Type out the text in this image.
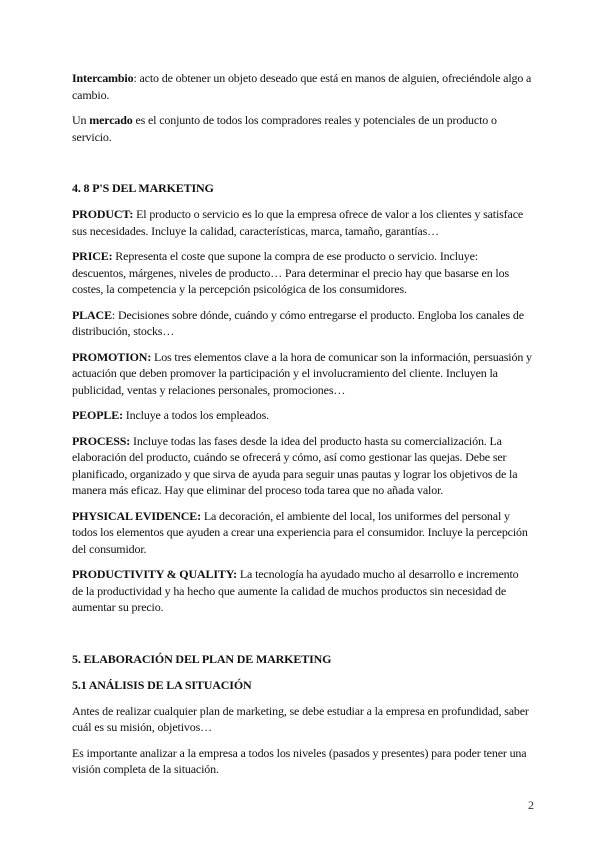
Intercambio: acto de obtener un objeto deseado que está en manos de alguien, ofreciéndole algo a cambio.

Un mercado es el conjunto de todos los compradores reales y potenciales de un producto o servicio.

4. 8 P'S DEL MARKETING

PRODUCT: El producto o servicio es lo que la empresa ofrece de valor a los clientes y satisface sus necesidades. Incluye la calidad, características, marca, tamaño, garantías…

PRICE: Representa el coste que supone la compra de ese producto o servicio. Incluye: descuentos, márgenes, niveles de producto… Para determinar el precio hay que basarse en los costes, la competencia y la percepción psicológica de los consumidores.

PLACE: Decisiones sobre dónde, cuándo y cómo entregarse el producto. Engloba los canales de distribución, stocks…

PROMOTION: Los tres elementos clave a la hora de comunicar son la información, persuasión y actuación que deben promover la participación y el involucramiento del cliente. Incluyen la publicidad, ventas y relaciones personales, promociones…

PEOPLE: Incluye a todos los empleados.

PROCESS: Incluye todas las fases desde la idea del producto hasta su comercialización. La elaboración del producto, cuándo se ofrecerá y cómo, así como gestionar las quejas. Debe ser planificado, organizado y que sirva de ayuda para seguir unas pautas y lograr los objetivos de la manera más eficaz. Hay que eliminar del proceso toda tarea que no añada valor.

PHYSICAL EVIDENCE: La decoración, el ambiente del local, los uniformes del personal y todos los elementos que ayuden a crear una experiencia para el consumidor. Incluye la percepción del consumidor.

PRODUCTIVITY & QUALITY: La tecnología ha ayudado mucho al desarrollo e incremento de la productividad y ha hecho que aumente la calidad de muchos productos sin necesidad de aumentar su precio.

5. ELABORACIÓN DEL PLAN DE MARKETING
5.1 ANÁLISIS DE LA SITUACIÓN

Antes de realizar cualquier plan de marketing, se debe estudiar a la empresa en profundidad, saber cuál es su misión, objetivos…

Es importante analizar a la empresa a todos los niveles (pasados y presentes) para poder tener una visión completa de la situación.

2
